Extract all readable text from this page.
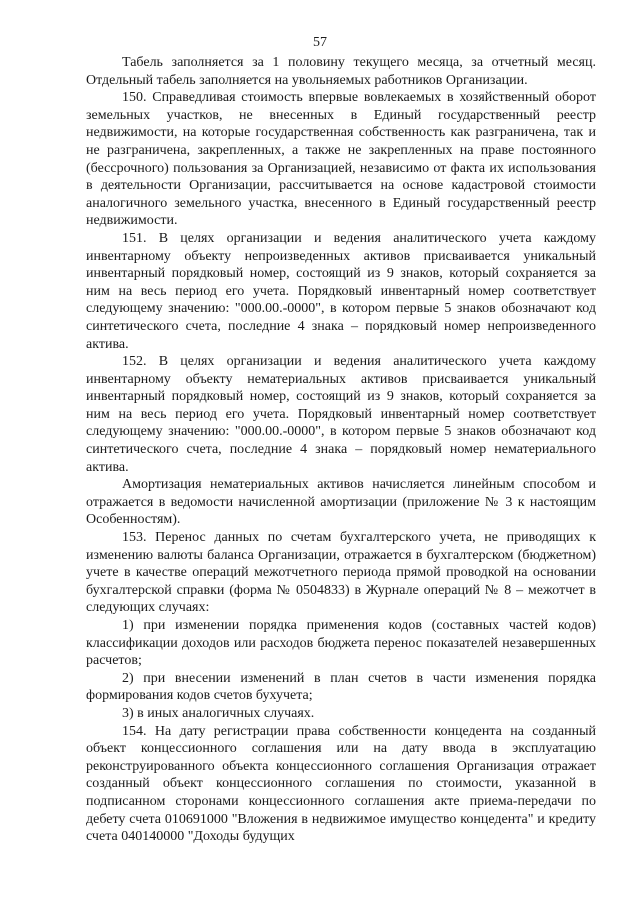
57

Табель заполняется за 1 половину текущего месяца, за отчетный месяц. Отдельный табель заполняется на увольняемых работников Организации.

150. Справедливая стоимость впервые вовлекаемых в хозяйственный оборот земельных участков, не внесенных в Единый государственный реестр недвижимости, на которые государственная собственность как разграничена, так и не разграничена, закрепленных, а также не закрепленных на праве постоянного (бессрочного) пользования за Организацией, независимо от факта их использования в деятельности Организации, рассчитывается на основе кадастровой стоимости аналогичного земельного участка, внесенного в Единый государственный реестр недвижимости.

151. В целях организации и ведения аналитического учета каждому инвентарному объекту непроизведенных активов присваивается уникальный инвентарный порядковый номер, состоящий из 9 знаков, который сохраняется за ним на весь период его учета. Порядковый инвентарный номер соответствует следующему значению: "000.00.-0000", в котором первые 5 знаков обозначают код синтетического счета, последние 4 знака – порядковый номер непроизведенного актива.

152. В целях организации и ведения аналитического учета каждому инвентарному объекту нематериальных активов присваивается уникальный инвентарный порядковый номер, состоящий из 9 знаков, который сохраняется за ним на весь период его учета. Порядковый инвентарный номер соответствует следующему значению: "000.00.-0000", в котором первые 5 знаков обозначают код синтетического счета, последние 4 знака – порядковый номер нематериального актива.

Амортизация нематериальных активов начисляется линейным способом и отражается в ведомости начисленной амортизации (приложение № 3 к настоящим Особенностям).

153. Перенос данных по счетам бухгалтерского учета, не приводящих к изменению валюты баланса Организации, отражается в бухгалтерском (бюджетном) учете в качестве операций межотчетного периода прямой проводкой на основании бухгалтерской справки (форма № 0504833) в Журнале операций № 8 – межотчет в следующих случаях:

1) при изменении порядка применения кодов (составных частей кодов) классификации доходов или расходов бюджета перенос показателей незавершенных расчетов;

2) при внесении изменений в план счетов в части изменения порядка формирования кодов счетов бухучета;

3) в иных аналогичных случаях.

154. На дату регистрации права собственности концедента на созданный объект концессионного соглашения или на дату ввода в эксплуатацию реконструированного объекта концессионного соглашения Организация отражает созданный объект концессионного соглашения по стоимости, указанной в подписанном сторонами концессионного соглашения акте приема-передачи по дебету счета 010691000 "Вложения в недвижимое имущество концедента" и кредиту счета 040140000 "Доходы будущих
